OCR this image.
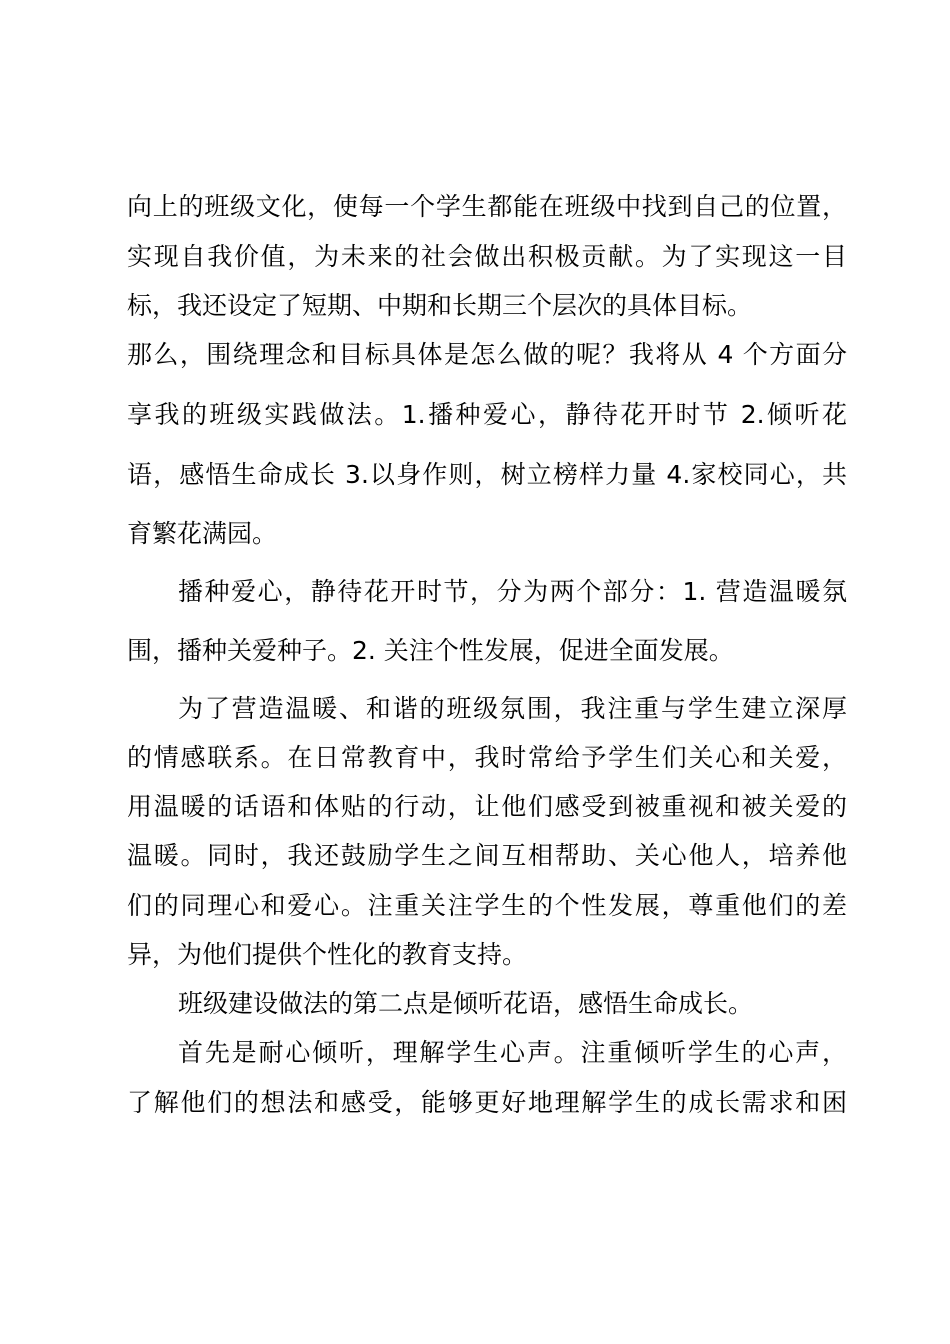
向上的班级文化，使每一个学生都能在班级中找到自己的位置，

实现自我价值，为未来的社会做出积极贡献。为了实现这一目

标，我还设定了短期、中期和长期三个层次的具体目标。

那么，围绕理念和目标具体是怎么做的呢？我将从 4 个方面分

享我的班级实践做法。1.播种爱心，静待花开时节 2.倾听花

语，感悟生命成长 3.以身作则，树立榜样力量 4.家校同心，共

育繁花满园。

播种爱心，静待花开时节，分为两个部分：1. 营造温暖氛

围，播种关爱种子。2. 关注个性发展，促进全面发展。

为了营造温暖、和谐的班级氛围，我注重与学生建立深厚

的情感联系。在日常教育中，我时常给予学生们关心和关爱，

用温暖的话语和体贴的行动，让他们感受到被重视和被关爱的

温暖。同时，我还鼓励学生之间互相帮助、关心他人，培养他

们的同理心和爱心。注重关注学生的个性发展，尊重他们的差

异，为他们提供个性化的教育支持。

班级建设做法的第二点是倾听花语，感悟生命成长。

首先是耐心倾听，理解学生心声。注重倾听学生的心声，

了解他们的想法和感受，能够更好地理解学生的成长需求和困
